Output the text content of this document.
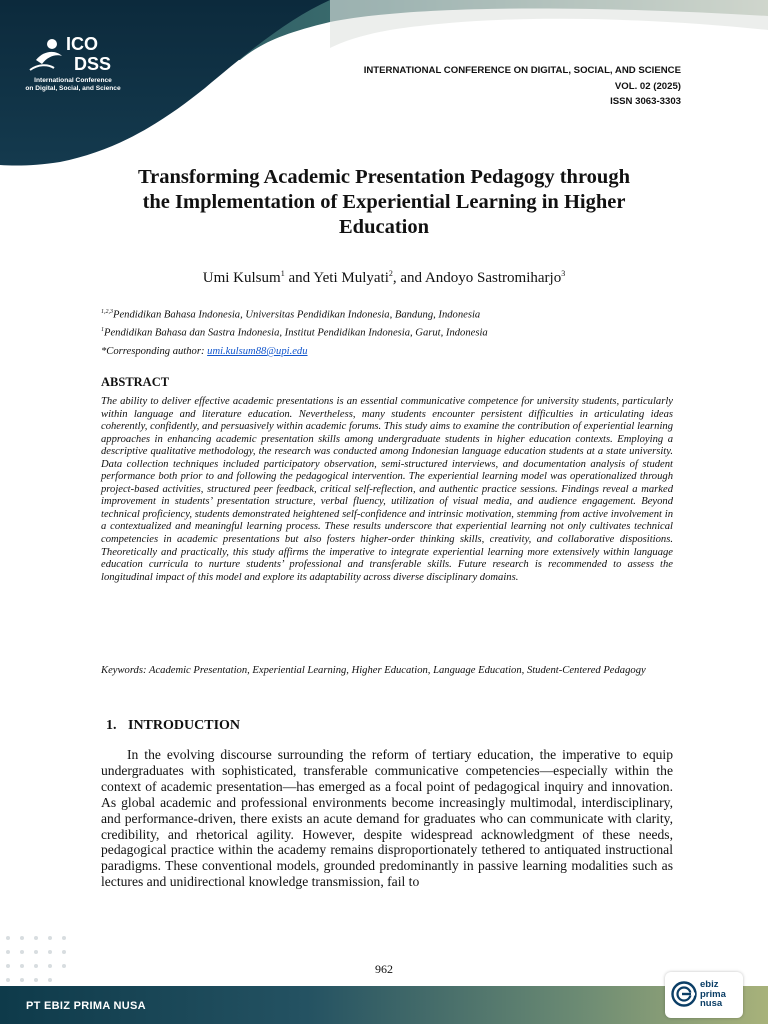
ICO
DSS
International Conference
on Digital, Social, and Science
INTERNATIONAL CONFERENCE ON DIGITAL, SOCIAL, AND SCIENCE
VOL. 02 (2025)
ISSN 3063-3303
Transforming Academic Presentation Pedagogy through
the Implementation of Experiential Learning in Higher
Education
Umi Kulsum$^1$ and Yeti Mulyati$^2$, and Andoyo Sastromiharjo$^3$
$^{1,2,3}$Pendidikan Bahasa Indonesia, Universitas Pendidikan Indonesia, Bandung, Indonesia
$^1$Pendidikan Bahasa dan Sastra Indonesia, Institut Pendidikan Indonesia, Garut, Indonesia
*Corresponding author: umi.kulsum88@upi.edu
ABSTRACT
The ability to deliver effective academic presentations is an essential communicative competence for university students, particularly within language and literature education. Nevertheless, many students encounter persistent difficulties in articulating ideas coherently, confidently, and persuasively within academic forums. This study aims to examine the contribution of experiential learning approaches in enhancing academic presentation skills among undergraduate students in higher education contexts. Employing a descriptive qualitative methodology, the research was conducted among Indonesian language education students at a state university. Data collection techniques included participatory observation, semi-structured interviews, and documentation analysis of student performance both prior to and following the pedagogical intervention. The experiential learning model was operationalized through project-based activities, structured peer feedback, critical self-reflection, and authentic practice sessions. Findings reveal a marked improvement in students’ presentation structure, verbal fluency, utilization of visual media, and audience engagement. Beyond technical proficiency, students demonstrated heightened self-confidence and intrinsic motivation, stemming from active involvement in a contextualized and meaningful learning process. These results underscore that experiential learning not only cultivates technical competencies in academic presentations but also fosters higher-order thinking skills, creativity, and collaborative dispositions. Theoretically and practically, this study affirms the imperative to integrate experiential learning more extensively within language education curricula to nurture students’ professional and transferable skills. Future research is recommended to assess the longitudinal impact of this model and explore its adaptability across diverse disciplinary domains.
Keywords: Academic Presentation, Experiential Learning, Higher Education, Language Education, Student-Centered Pedagogy
1. INTRODUCTION
In the evolving discourse surrounding the reform of tertiary education, the imperative to equip undergraduates with sophisticated, transferable communicative competencies—especially within the context of academic presentation—has emerged as a focal point of pedagogical inquiry and innovation. As global academic and professional environments become increasingly multimodal, interdisciplinary, and performance-driven, there exists an acute demand for graduates who can communicate with clarity, credibility, and rhetorical agility. However, despite widespread acknowledgment of these needs, pedagogical practice within the academy remains disproportionately tethered to antiquated instructional paradigms. These conventional models, grounded predominantly in passive learning modalities such as lectures and unidirectional knowledge transmission, fail to
962
PT EBIZ PRIMA NUSA
ebiz
prima
nusa
